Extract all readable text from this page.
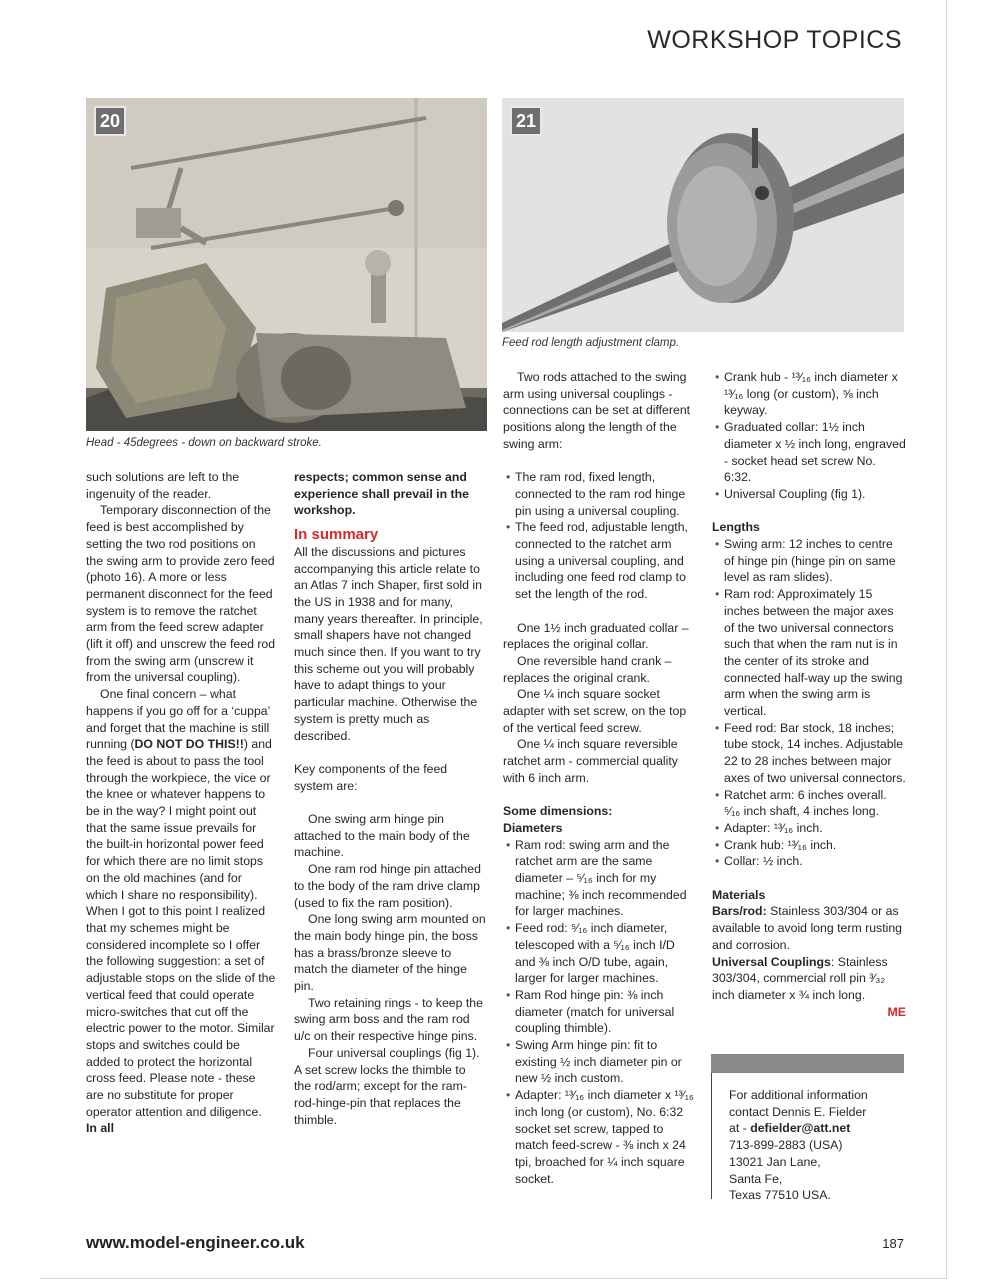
WORKSHOP TOPICS
20
Head - 45degrees - down on backward stroke.
21
Feed rod length adjustment clamp.

such solutions are left to the ingenuity of the reader.

Temporary disconnection of the feed is best accomplished by setting the two rod positions on the swing arm to provide zero feed (photo 16). A more or less permanent disconnect for the feed system is to remove the ratchet arm from the feed screw adapter (lift it off) and unscrew the feed rod from the swing arm (unscrew it from the universal coupling).

One final concern – what happens if you go off for a ‘cuppa’ and forget that the machine is still running (DO NOT DO THIS!!) and the feed is about to pass the tool through the workpiece, the vice or the knee or whatever happens to be in the way? I might point out that the same issue prevails for the built-in horizontal power feed for which there are no limit stops on the old machines (and for which I share no responsibility). When I got to this point I realized that my schemes might be considered incomplete so I offer the following suggestion: a set of adjustable stops on the slide of the vertical feed that could operate micro-switches that cut off the electric power to the motor. Similar stops and switches could be added to protect the horizontal cross feed. Please note - these are no substitute for proper operator attention and diligence. In all

respects; common sense and experience shall prevail in the workshop.

In summary

All the discussions and pictures accompanying this article relate to an Atlas 7 inch Shaper, first sold in the US in 1938 and for many, many years thereafter. In principle, small shapers have not changed much since then. If you want to try this scheme out you will probably have to adapt things to your particular machine. Otherwise the system is pretty much as described.

Key components of the feed system are:

One swing arm hinge pin attached to the main body of the machine.

One ram rod hinge pin attached to the body of the ram drive clamp (used to fix the ram position).

One long swing arm mounted on the main body hinge pin, the boss has a brass/bronze sleeve to match the diameter of the hinge pin.

Two retaining rings - to keep the swing arm boss and the ram rod u/c on their respective hinge pins.

Four universal couplings (fig 1). A set screw locks the thimble to the rod/arm; except for the ram-rod-hinge-pin that replaces the thimble.

Two rods attached to the swing arm using universal couplings - connections can be set at different positions along the length of the swing arm:

• The ram rod, fixed length, connected to the ram rod hinge pin using a universal coupling.

• The feed rod, adjustable length, connected to the ratchet arm using a universal coupling, and including one feed rod clamp to set the length of the rod.

One 1½ inch graduated collar – replaces the original collar.

One reversible hand crank – replaces the original crank.

One ¼ inch square socket adapter with set screw, on the top of the vertical feed screw.

One ¼ inch square reversible ratchet arm - commercial quality with 6 inch arm.

Some dimensions:

Diameters

• Ram rod: swing arm and the ratchet arm are the same diameter – ⁵⁄₁₆ inch for my machine; ⅜ inch recommended for larger machines.

• Feed rod: ⁵⁄₁₆ inch diameter, telescoped with a ⁵⁄₁₆ inch I/D and ⅜ inch O/D tube, again, larger for larger machines.

• Ram Rod hinge pin: ⅜ inch diameter (match for universal coupling thimble).

• Swing Arm hinge pin: fit to existing ½ inch diameter pin or new ½ inch custom.

• Adapter: ¹³⁄₁₆ inch diameter x ¹³⁄₁₆ inch long (or custom), No. 6:32 socket set screw, tapped to match feed-screw - ⅜ inch x 24 tpi, broached for ¼ inch square socket.

• Crank hub - ¹³⁄₁₆ inch diameter x ¹³⁄₁₆ long (or custom), ⅝ inch keyway.

• Graduated collar: 1½ inch diameter x ½ inch long, engraved - socket head set screw No. 6:32.

• Universal Coupling (fig 1).

Lengths

• Swing arm: 12 inches to centre of hinge pin (hinge pin on same level as ram slides).

• Ram rod: Approximately 15 inches between the major axes of the two universal connectors such that when the ram nut is in the center of its stroke and connected half-way up the swing arm when the swing arm is vertical.

• Feed rod: Bar stock, 18 inches; tube stock, 14 inches. Adjustable 22 to 28 inches between major axes of two universal connectors.

• Ratchet arm: 6 inches overall. ⁵⁄₁₆ inch shaft, 4 inches long.

• Adapter: ¹³⁄₁₆ inch.

• Crank hub: ¹³⁄₁₆ inch.

• Collar: ½ inch.

Materials

Bars/rod: Stainless 303/304 or as available to avoid long term rusting and corrosion.

Universal Couplings: Stainless 303/304, commercial roll pin ³⁄₃₂ inch diameter x ¾ inch long.

ME

For additional information
contact Dennis E. Fielder
at - defielder@att.net
713-899-2883 (USA)
13021 Jan Lane,
Santa Fe,
Texas 77510 USA.
www.model-engineer.co.uk	187
